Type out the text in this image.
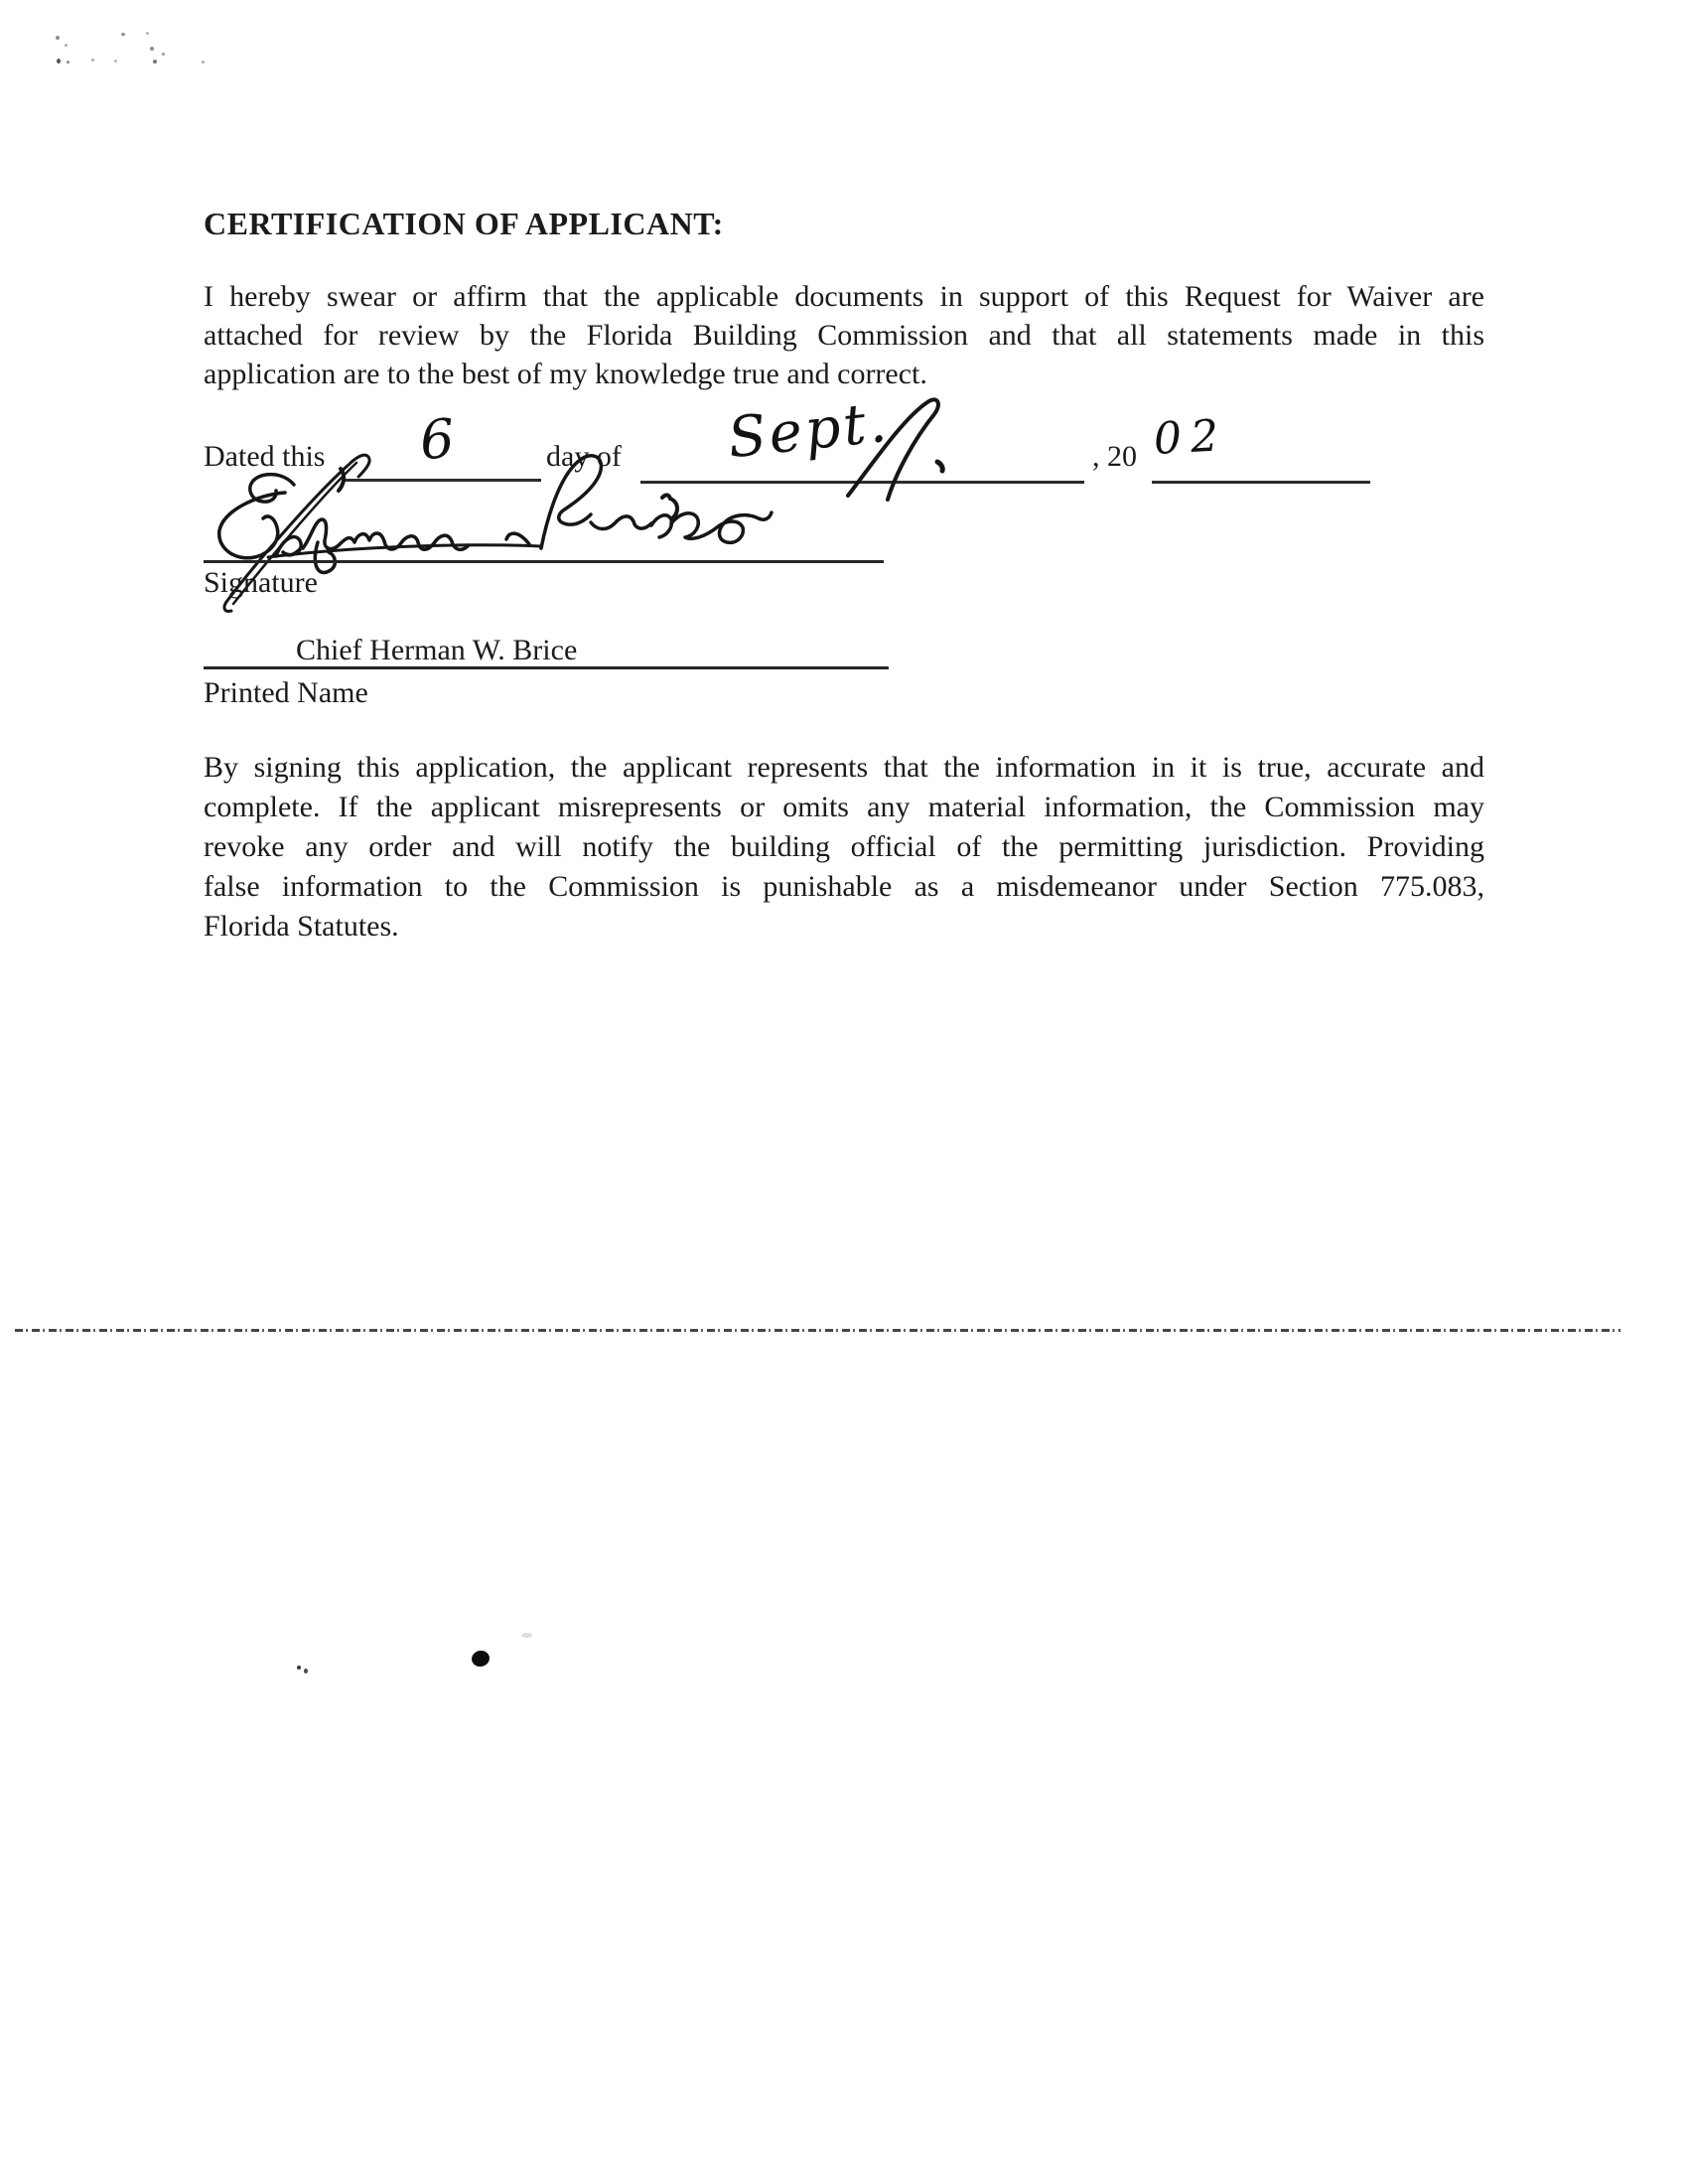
CERTIFICATION OF APPLICANT:
I hereby swear or affirm that the applicable documents in support of this Request for Waiver are
attached for review by the Florida Building Commission and that all statements made in this
application are to the best of my knowledge true and correct.
Dated this 6	day of Sept.	, 20 02
Signature
Chief Herman W. Brice
Printed Name
By signing this application, the applicant represents that the information in it is true, accurate and
complete. If the applicant misrepresents or omits any material information, the Commission may
revoke any order and will notify the building official of the permitting jurisdiction. Providing
false information to the Commission is punishable as a misdemeanor under Section 775.083,
Florida Statutes.
